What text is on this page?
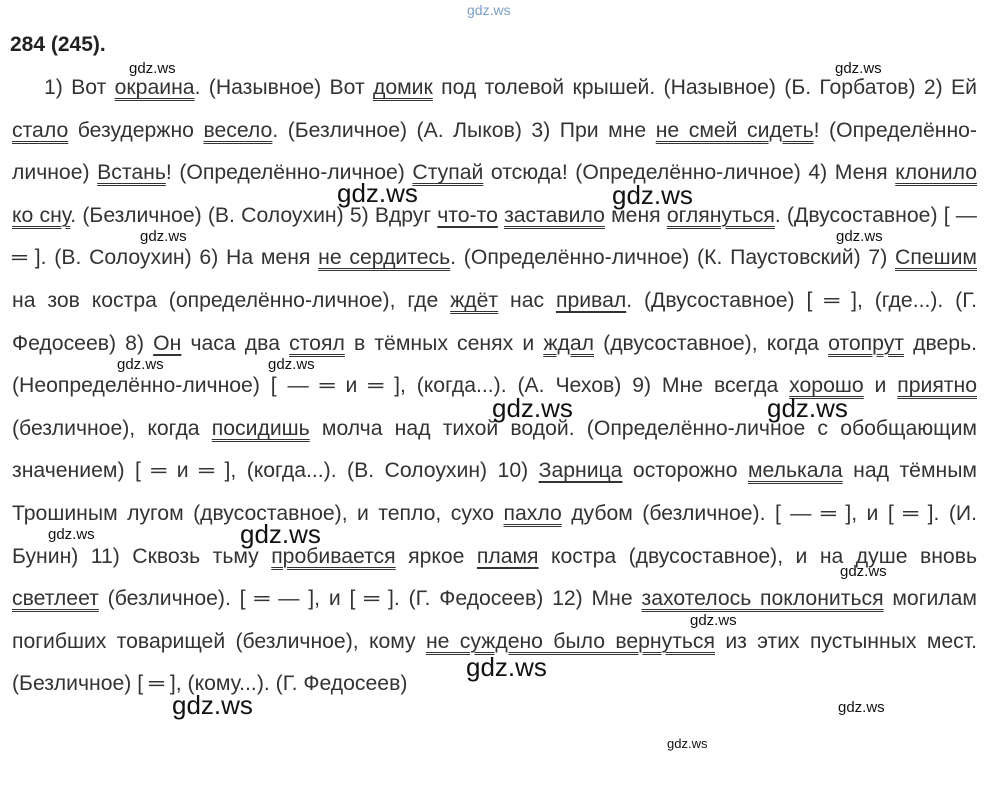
gdz.ws
284 (245).

1) Вот окраина. (Назывное) Вот домик под толевой крышей. (Назывное) (Б. Горбатов) 2) Ей стало безудержно весело. (Безличное) (А. Лыков) 3) При мне не смей сидеть! (Определённо-личное) Встань! (Определённо-личное) Ступай отсюда! (Определённо-личное) 4) Меня клонило ко сну. (Безличное) (В. Солоухин) 5) Вдруг что-то заставило меня оглянуться. (Двусоставное) [ — ═ ]. (В. Солоухин) 6) На меня не сердитесь. (Определённо-личное) (К. Паустовский) 7) Спешим на зов костра (определённо-личное), где ждёт нас привал. (Двусоставное) [ ═ ], (где...). (Г. Федосеев) 8) Он часа два стоял в тёмных сенях и ждал (двусоставное), когда отопрут дверь. (Неопределённо-личное) [ — ═ и ═ ], (когда...). (А. Чехов) 9) Мне всегда хорошо и приятно (безличное), когда посидишь молча над тихой водой. (Определённо-личное с обобщающим значением) [ ═ и ═ ], (когда...). (В. Солоухин) 10) Зарница осторожно мелькала над тёмным Трошиным лугом (двусоставное), и тепло, сухо пахло дубом (безличное). [ — ═ ], и [ ═ ]. (И. Бунин) 11) Сквозь тьму пробивается яркое пламя костра (двусоставное), и на душе вновь светлеет (безличное). [ ═ — ], и [ ═ ]. (Г. Федосеев) 12) Мне захотелось поклониться могилам погибших товарищей (безличное), кому не суждено было вернуться из этих пустынных мест. (Безличное) [ ═ ], (кому...). (Г. Федосеев)

gdz.ws	gdz.ws
gdz.ws	gdz.ws
gdz.ws	gdz.ws
gdz.ws	gdz.ws
gdz.ws	gdz.ws
gdz.ws	gdz.ws
gdz.ws
gdz.ws
gdz.ws
gdz.ws	gdz.ws
gdz.ws
